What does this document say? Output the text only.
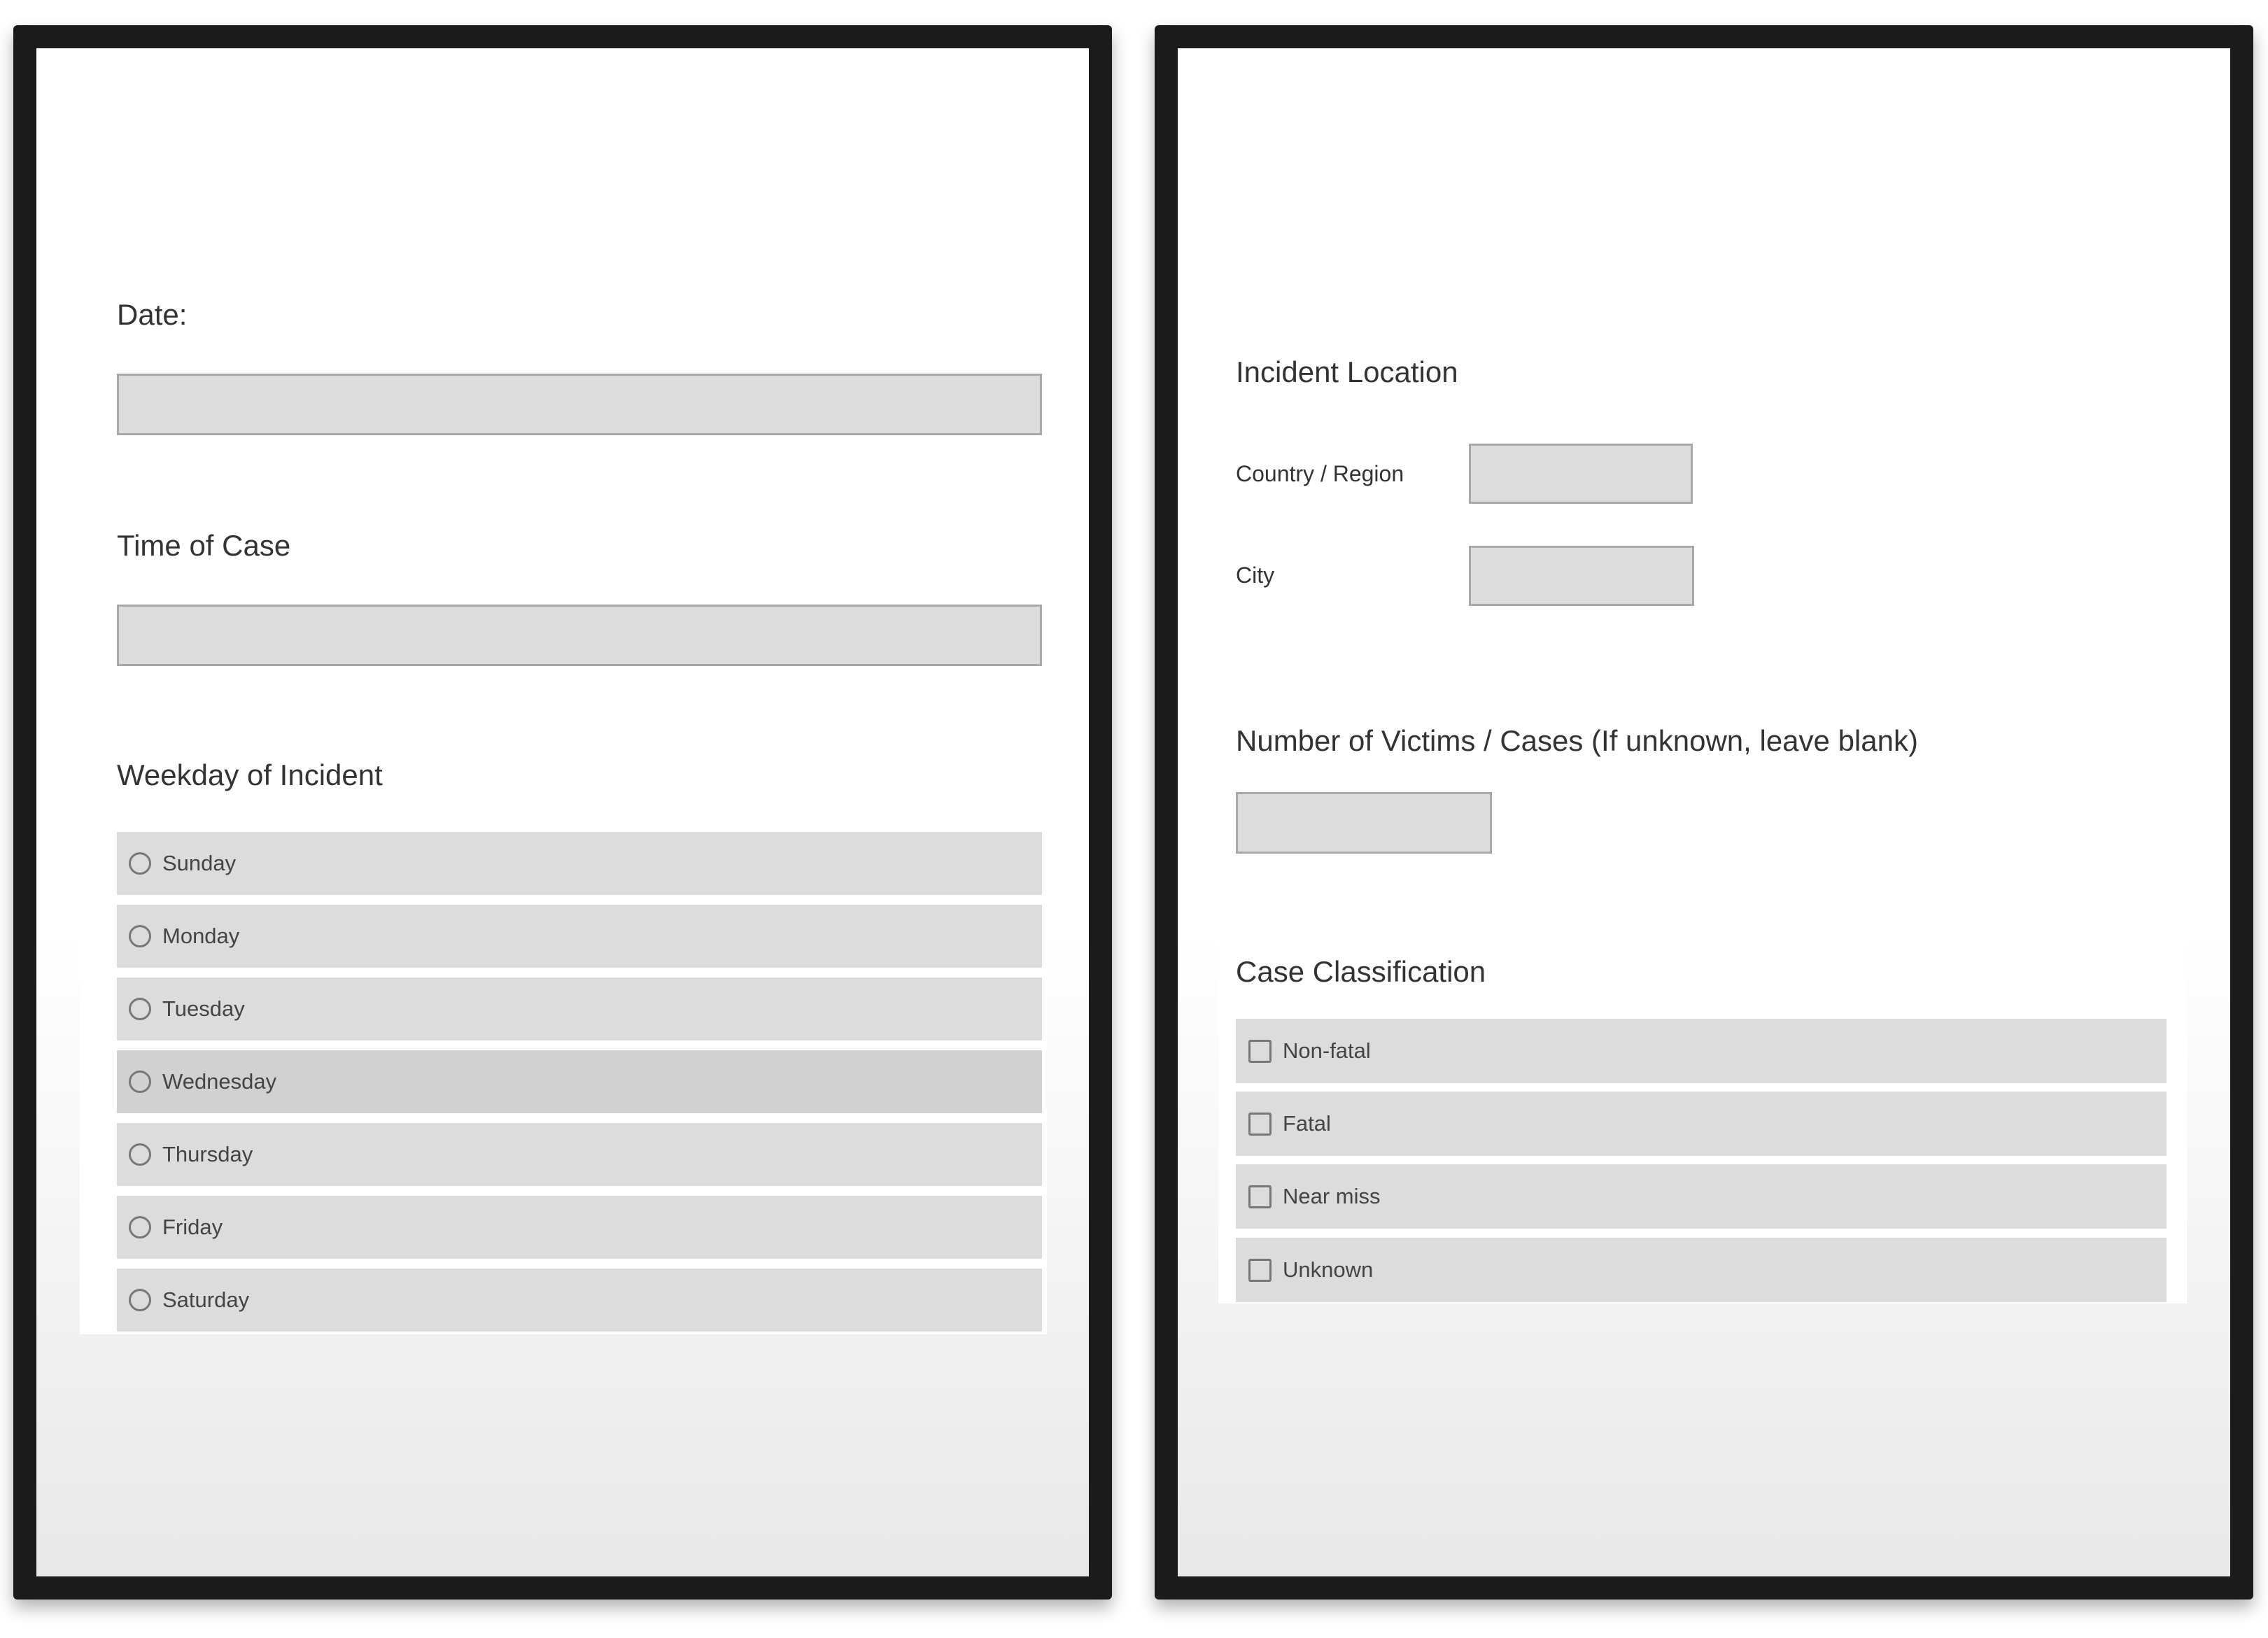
Date:
Time of Case
Weekday of Incident
Sunday
Monday
Tuesday
Wednesday
Thursday
Friday
Saturday
Incident Location
Country / Region
City
Number of Victims / Cases (If unknown, leave blank)
Case Classification
Non-fatal
Fatal
Near miss
Unknown
